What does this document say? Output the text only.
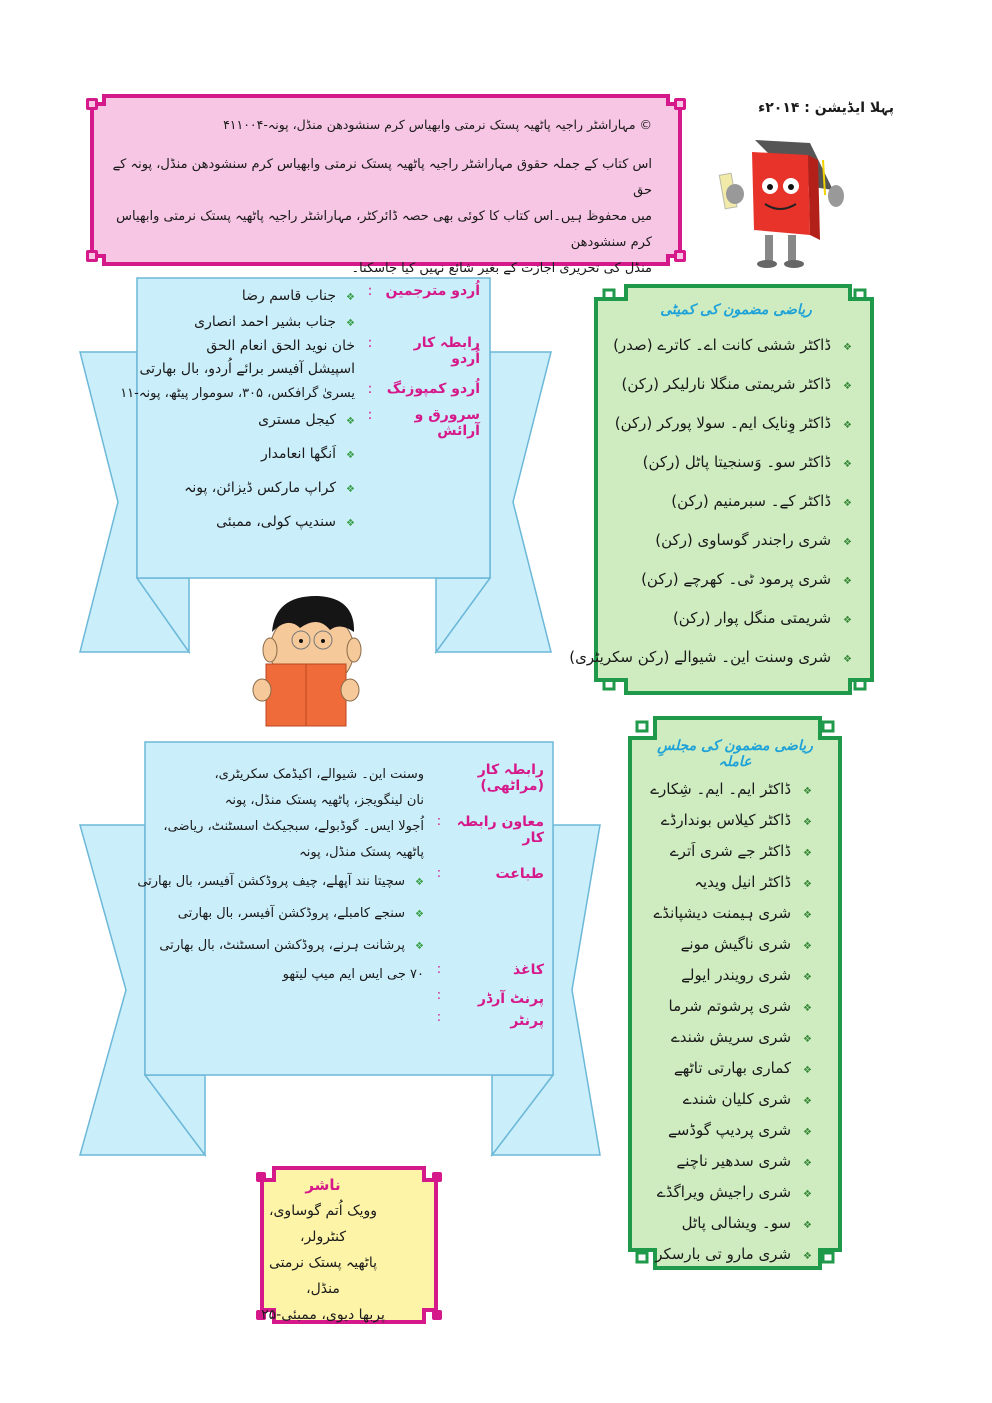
پہلا ایڈیشن : ۲۰۱۴ء
© مہاراشٹر راجیہ پاٹھیہ پستک نرمتی وابھیاس کرم سنشودھن منڈل، پونہ-۴۱۱۰۰۴
اس کتاب کے جملہ حقوق مہاراشٹر راجیہ پاٹھیہ پستک نرمتی وابھیاس کرم سنشودھن منڈل، پونہ کے حق
میں محفوظ ہیں۔اس کتاب کا کوئی بھی حصہ ڈائرکٹر، مہاراشٹر راجیہ پاٹھیہ پستک نرمتی وابھیاس کرم سنشودھن
منڈل کی تحریری اجازت کے بغیر شائع نہیں کیا جاسکتا۔
اُردو مترجمین
:
❖جناب قاسم رضا
❖جناب بشیر احمد انصاری
رابطہ کار اُردو
:
خان نوید الحق انعام الحق
اسپیشل آفیسر برائے اُردو، بال بھارتی
اُردو کمپوزنگ
:
یسریٰ گرافکس، ۳۰۵، سوموار پیٹھ، پونہ-۱۱
سرورق و آرائش
:
❖کیجل مستری
❖اَنگھا انعامدار
❖کراپ مارکس ڈیزائن، پونہ
❖سندیپ کولی، ممبئی
رابطہ کار (مراٹھی)
وسنت این۔ شیوالے، اکیڈمک سکریٹری،
نان لینگویجز، پاٹھیہ پستک منڈل، پونہ
معاون رابطہ کار
:
اُجولا ایس۔ گوڈبولے، سبجیکٹ اسسٹنٹ، ریاضی،
پاٹھیہ پستک منڈل، پونہ
طباعت
:
❖سچیتا نند آپھلے، چیف پروڈکشن آفیسر، بال بھارتی
❖سنجے کامبلے، پروڈکشن آفیسر، بال بھارتی
❖پرشانت ہرنے، پروڈکشن اسسٹنٹ، بال بھارتی
کاغذ
:
۷۰ جی ایس ایم میپ لیتھو
پرنٹ آرڈر
:
پرنٹر
:
ریاضی مضمون کی کمیٹی
❖ڈاکٹر ششی کانت اے۔ کاترے (صدر)
❖ڈاکٹر شریمتی منگلا نارلیکر (رکن)
❖ڈاکٹر وِنایک ایم۔ سولا پورکر (رکن)
❖ڈاکٹر سو۔ وَسنجیتا پاٹل (رکن)
❖ڈاکٹر کے۔ سبرمنیم (رکن)
❖شری راجندر گوساوی (رکن)
❖شری پرمود ٹی۔ کھرچے (رکن)
❖شریمتی منگل پوار (رکن)
❖شری وسنت این۔ شیوالے (رکن سکریٹری)
ریاضی مضمون کی مجلسِ عاملہ
❖ڈاکٹر ایم۔ ایم۔ شِکارے
❖ڈاکٹر کیلاس بوندارڈے
❖ڈاکٹر جے شری اَترے
❖ڈاکٹر انیل ویدیہ
❖شری ہیمنت دیشپانڈے
❖شری ناگیش مونے
❖شری رویندر ایولے
❖شری پرشوتم شرما
❖شری سریش شندے
❖کماری بھارتی تاٹھے
❖شری کلیان شندے
❖شری پردیپ گوڈسے
❖شری سدھیر ناچنے
❖شری راجیش ویراگڈے
❖سو۔ ویشالی پاٹل
❖شری مارو تی بارسکر
ناشر
وویک اُتم گوساوی، کنٹرولر،
پاٹھیہ پستک نرمتی منڈل،
پربھا دیوی، ممبئی-۲۵
